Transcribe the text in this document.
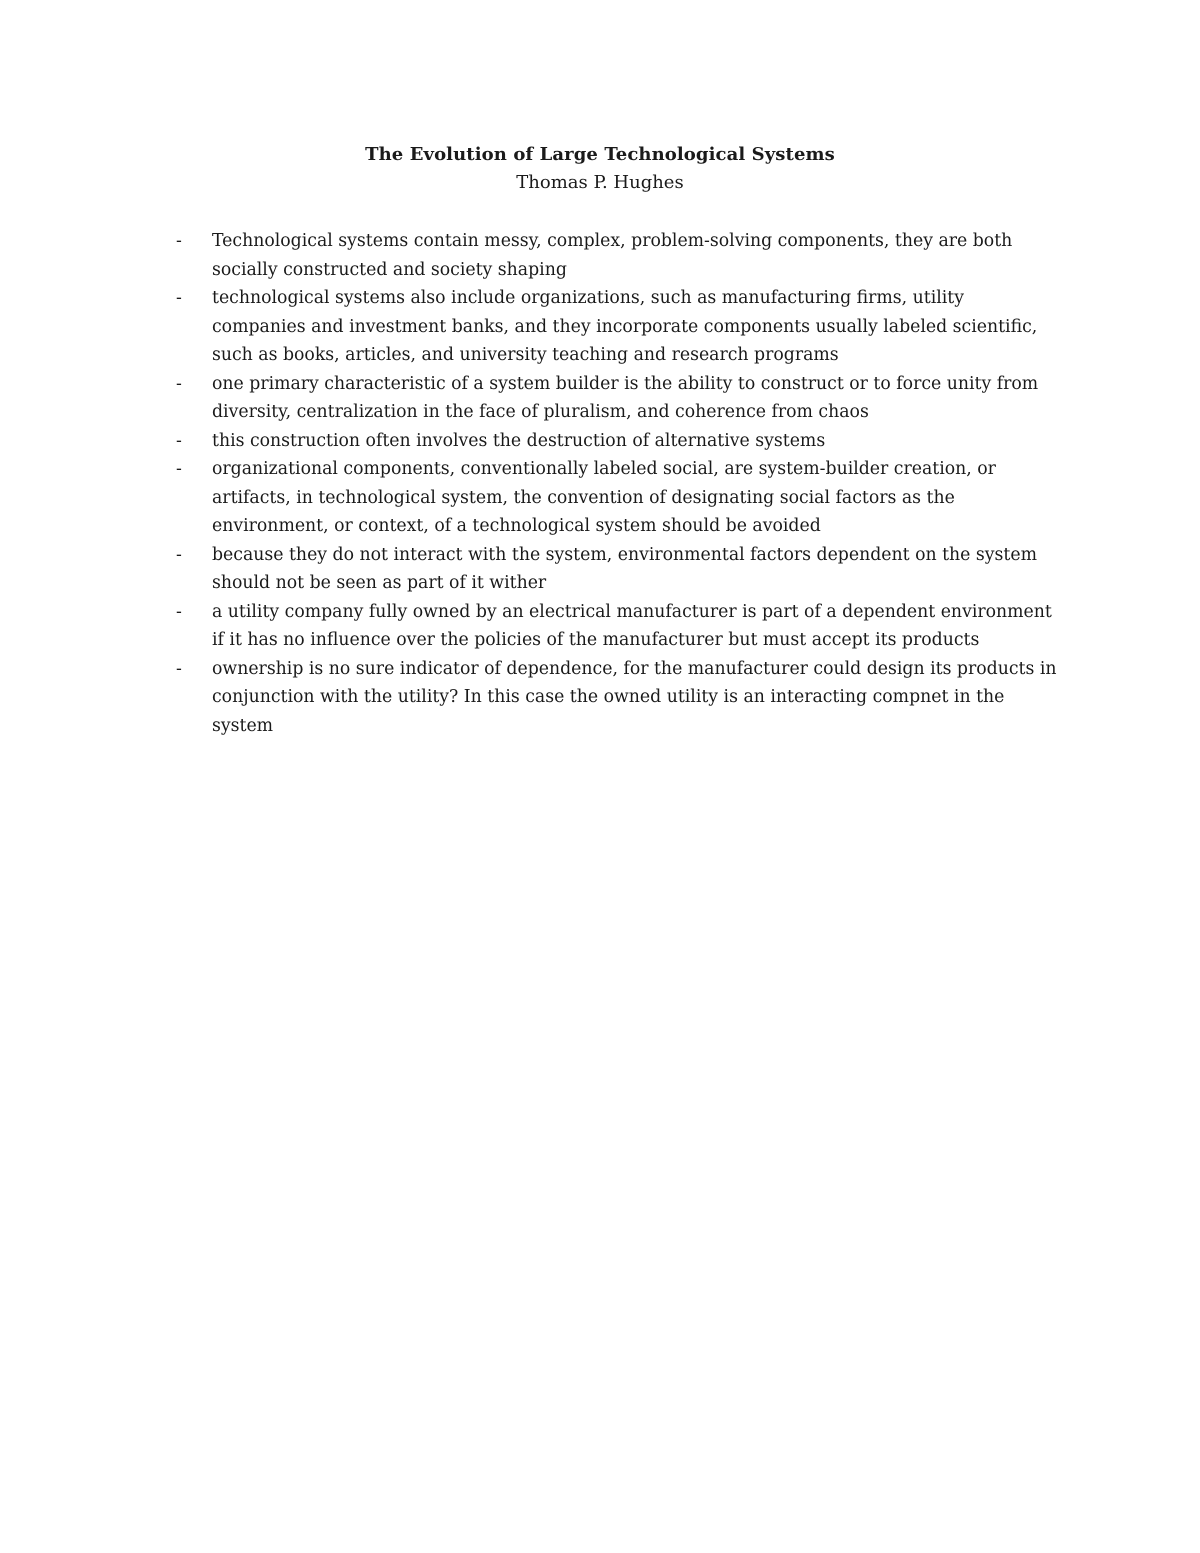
The Evolution of Large Technological Systems

Thomas P. Hughes

- Technological systems contain messy, complex, problem-solving components, they are both socially constructed and society shaping
- technological systems also include organizations, such as manufacturing firms, utility companies and investment banks, and they incorporate components usually labeled scientific, such as books, articles, and university teaching and research programs
- one primary characteristic of a system builder is the ability to construct or to force unity from diversity, centralization in the face of pluralism, and coherence from chaos
- this construction often involves the destruction of alternative systems
- organizational components, conventionally labeled social, are system-builder creation, or artifacts, in technological system, the convention of designating social factors as the environment, or context, of a technological system should be avoided
- because they do not interact with the system, environmental factors dependent on the system should not be seen as part of it wither
- a utility company fully owned by an electrical manufacturer is part of a dependent environment if it has no influence over the policies of the manufacturer but must accept its products
- ownership is no sure indicator of dependence, for the manufacturer could design its products in conjunction with the utility? In this case the owned utility is an interacting compnet in the system
